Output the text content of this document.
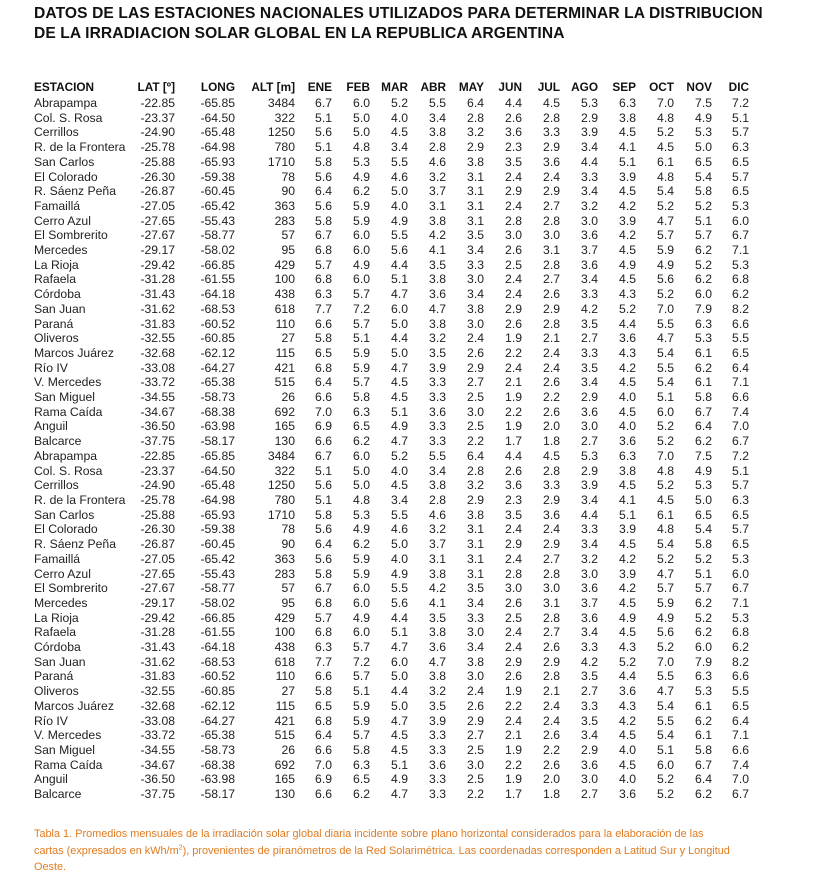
DATOS DE LAS ESTACIONES NACIONALES UTILIZADOS PARA DETERMINAR LA DISTRIBUCION
DE LA IRRADIACION SOLAR GLOBAL EN LA REPUBLICA ARGENTINA
ESTACION	LAT [º]	LONG	ALT [m]	ENE	FEB	MAR	ABR	MAY	JUN	JUL	AGO	SEP	OCT	NOV	DIC
Abrapampa	-22.85	-65.85	3484	6.7	6.0	5.2	5.5	6.4	4.4	4.5	5.3	6.3	7.0	7.5	7.2
Col. S. Rosa	-23.37	-64.50	322	5.1	5.0	4.0	3.4	2.8	2.6	2.8	2.9	3.8	4.8	4.9	5.1
Cerrillos	-24.90	-65.48	1250	5.6	5.0	4.5	3.8	3.2	3.6	3.3	3.9	4.5	5.2	5.3	5.7
R. de la Frontera	-25.78	-64.98	780	5.1	4.8	3.4	2.8	2.9	2.3	2.9	3.4	4.1	4.5	5.0	6.3
San Carlos	-25.88	-65.93	1710	5.8	5.3	5.5	4.6	3.8	3.5	3.6	4.4	5.1	6.1	6.5	6.5
El Colorado	-26.30	-59.38	78	5.6	4.9	4.6	3.2	3.1	2.4	2.4	3.3	3.9	4.8	5.4	5.7
R. Sáenz Peña	-26.87	-60.45	90	6.4	6.2	5.0	3.7	3.1	2.9	2.9	3.4	4.5	5.4	5.8	6.5
Famaillá	-27.05	-65.42	363	5.6	5.9	4.0	3.1	3.1	2.4	2.7	3.2	4.2	5.2	5.2	5.3
Cerro Azul	-27.65	-55.43	283	5.8	5.9	4.9	3.8	3.1	2.8	2.8	3.0	3.9	4.7	5.1	6.0
El Sombrerito	-27.67	-58.77	57	6.7	6.0	5.5	4.2	3.5	3.0	3.0	3.6	4.2	5.7	5.7	6.7
Mercedes	-29.17	-58.02	95	6.8	6.0	5.6	4.1	3.4	2.6	3.1	3.7	4.5	5.9	6.2	7.1
La Rioja	-29.42	-66.85	429	5.7	4.9	4.4	3.5	3.3	2.5	2.8	3.6	4.9	4.9	5.2	5.3
Rafaela	-31.28	-61.55	100	6.8	6.0	5.1	3.8	3.0	2.4	2.7	3.4	4.5	5.6	6.2	6.8
Córdoba	-31.43	-64.18	438	6.3	5.7	4.7	3.6	3.4	2.4	2.6	3.3	4.3	5.2	6.0	6.2
San Juan	-31.62	-68.53	618	7.7	7.2	6.0	4.7	3.8	2.9	2.9	4.2	5.2	7.0	7.9	8.2
Paraná	-31.83	-60.52	110	6.6	5.7	5.0	3.8	3.0	2.6	2.8	3.5	4.4	5.5	6.3	6.6
Oliveros	-32.55	-60.85	27	5.8	5.1	4.4	3.2	2.4	1.9	2.1	2.7	3.6	4.7	5.3	5.5
Marcos Juárez	-32.68	-62.12	115	6.5	5.9	5.0	3.5	2.6	2.2	2.4	3.3	4.3	5.4	6.1	6.5
Río IV	-33.08	-64.27	421	6.8	5.9	4.7	3.9	2.9	2.4	2.4	3.5	4.2	5.5	6.2	6.4
V. Mercedes	-33.72	-65.38	515	6.4	5.7	4.5	3.3	2.7	2.1	2.6	3.4	4.5	5.4	6.1	7.1
San Miguel	-34.55	-58.73	26	6.6	5.8	4.5	3.3	2.5	1.9	2.2	2.9	4.0	5.1	5.8	6.6
Rama Caída	-34.67	-68.38	692	7.0	6.3	5.1	3.6	3.0	2.2	2.6	3.6	4.5	6.0	6.7	7.4
Anguil	-36.50	-63.98	165	6.9	6.5	4.9	3.3	2.5	1.9	2.0	3.0	4.0	5.2	6.4	7.0
Balcarce	-37.75	-58.17	130	6.6	6.2	4.7	3.3	2.2	1.7	1.8	2.7	3.6	5.2	6.2	6.7
Abrapampa	-22.85	-65.85	3484	6.7	6.0	5.2	5.5	6.4	4.4	4.5	5.3	6.3	7.0	7.5	7.2
Col. S. Rosa	-23.37	-64.50	322	5.1	5.0	4.0	3.4	2.8	2.6	2.8	2.9	3.8	4.8	4.9	5.1
Cerrillos	-24.90	-65.48	1250	5.6	5.0	4.5	3.8	3.2	3.6	3.3	3.9	4.5	5.2	5.3	5.7
R. de la Frontera	-25.78	-64.98	780	5.1	4.8	3.4	2.8	2.9	2.3	2.9	3.4	4.1	4.5	5.0	6.3
San Carlos	-25.88	-65.93	1710	5.8	5.3	5.5	4.6	3.8	3.5	3.6	4.4	5.1	6.1	6.5	6.5
El Colorado	-26.30	-59.38	78	5.6	4.9	4.6	3.2	3.1	2.4	2.4	3.3	3.9	4.8	5.4	5.7
R. Sáenz Peña	-26.87	-60.45	90	6.4	6.2	5.0	3.7	3.1	2.9	2.9	3.4	4.5	5.4	5.8	6.5
Famaillá	-27.05	-65.42	363	5.6	5.9	4.0	3.1	3.1	2.4	2.7	3.2	4.2	5.2	5.2	5.3
Cerro Azul	-27.65	-55.43	283	5.8	5.9	4.9	3.8	3.1	2.8	2.8	3.0	3.9	4.7	5.1	6.0
El Sombrerito	-27.67	-58.77	57	6.7	6.0	5.5	4.2	3.5	3.0	3.0	3.6	4.2	5.7	5.7	6.7
Mercedes	-29.17	-58.02	95	6.8	6.0	5.6	4.1	3.4	2.6	3.1	3.7	4.5	5.9	6.2	7.1
La Rioja	-29.42	-66.85	429	5.7	4.9	4.4	3.5	3.3	2.5	2.8	3.6	4.9	4.9	5.2	5.3
Rafaela	-31.28	-61.55	100	6.8	6.0	5.1	3.8	3.0	2.4	2.7	3.4	4.5	5.6	6.2	6.8
Córdoba	-31.43	-64.18	438	6.3	5.7	4.7	3.6	3.4	2.4	2.6	3.3	4.3	5.2	6.0	6.2
San Juan	-31.62	-68.53	618	7.7	7.2	6.0	4.7	3.8	2.9	2.9	4.2	5.2	7.0	7.9	8.2
Paraná	-31.83	-60.52	110	6.6	5.7	5.0	3.8	3.0	2.6	2.8	3.5	4.4	5.5	6.3	6.6
Oliveros	-32.55	-60.85	27	5.8	5.1	4.4	3.2	2.4	1.9	2.1	2.7	3.6	4.7	5.3	5.5
Marcos Juárez	-32.68	-62.12	115	6.5	5.9	5.0	3.5	2.6	2.2	2.4	3.3	4.3	5.4	6.1	6.5
Río IV	-33.08	-64.27	421	6.8	5.9	4.7	3.9	2.9	2.4	2.4	3.5	4.2	5.5	6.2	6.4
V. Mercedes	-33.72	-65.38	515	6.4	5.7	4.5	3.3	2.7	2.1	2.6	3.4	4.5	5.4	6.1	7.1
San Miguel	-34.55	-58.73	26	6.6	5.8	4.5	3.3	2.5	1.9	2.2	2.9	4.0	5.1	5.8	6.6
Rama Caída	-34.67	-68.38	692	7.0	6.3	5.1	3.6	3.0	2.2	2.6	3.6	4.5	6.0	6.7	7.4
Anguil	-36.50	-63.98	165	6.9	6.5	4.9	3.3	2.5	1.9	2.0	3.0	4.0	5.2	6.4	7.0
Balcarce	-37.75	-58.17	130	6.6	6.2	4.7	3.3	2.2	1.7	1.8	2.7	3.6	5.2	6.2	6.7

Tabla 1. Promedios mensuales de la irradiación solar global diaria incidente sobre plano horizontal considerados para la elaboración de las cartas (expresados en kWh/$m^2$), provenientes de piranómetros de la Red Solarimétrica. Las coordenadas corresponden a Latitud Sur y Longitud Oeste.
